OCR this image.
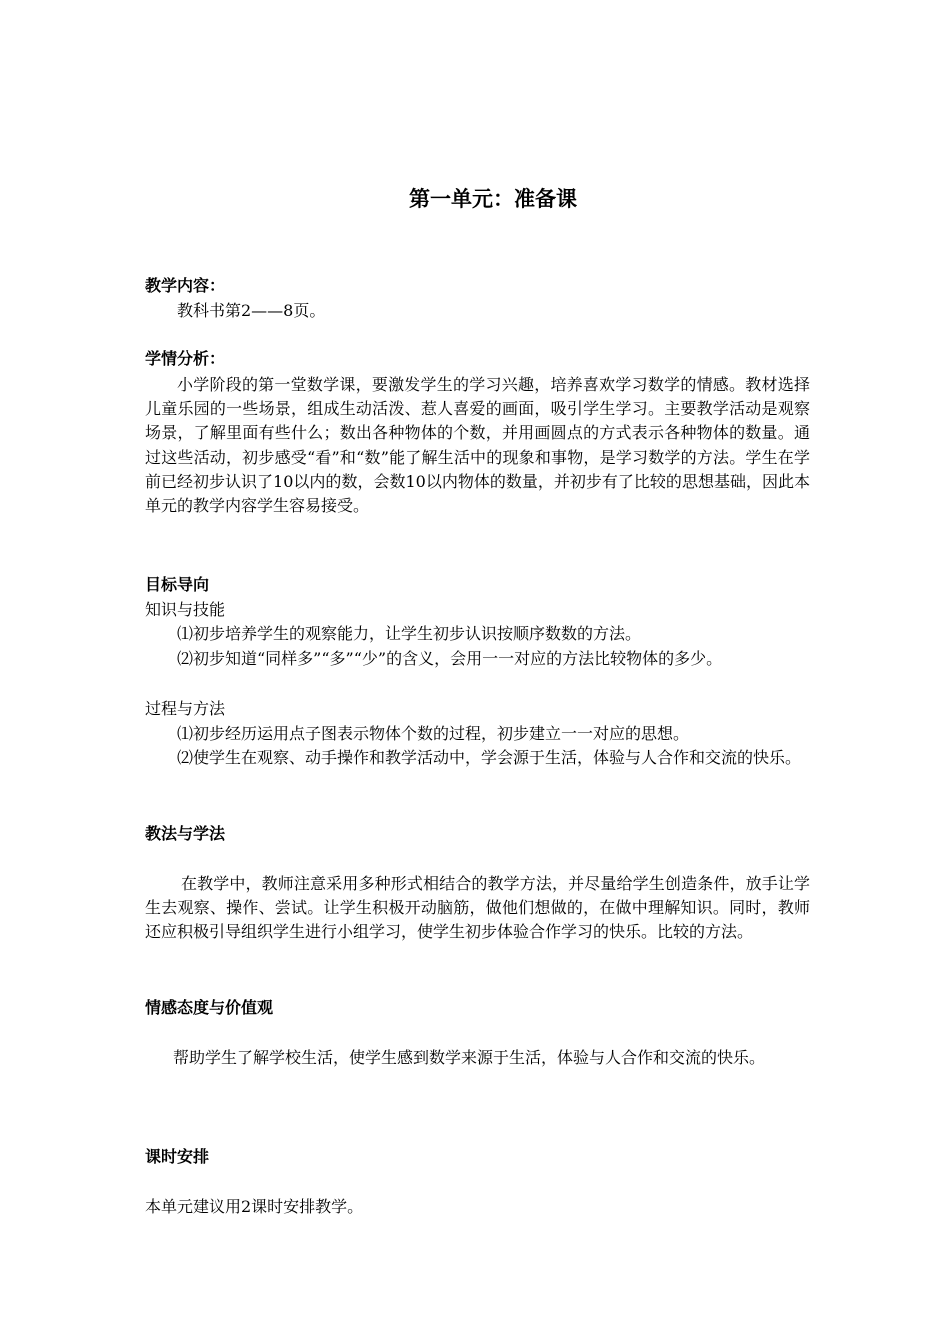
第一单元：准备课
教学内容：
教科书第2——8页。
学情分析：
小学阶段的第一堂数学课，要激发学生的学习兴趣，培养喜欢学习数学的情感。教材选择儿童乐园的一些场景，组成生动活泼、惹人喜爱的画面，吸引学生学习。主要教学活动是观察场景，了解里面有些什么；数出各种物体的个数，并用画圆点的方式表示各种物体的数量。通过这些活动，初步感受“看”和“数”能了解生活中的现象和事物，是学习数学的方法。学生在学前已经初步认识了10以内的数，会数10以内物体的数量，并初步有了比较的思想基础，因此本单元的教学内容学生容易接受。
目标导向
知识与技能
⑴初步培养学生的观察能力，让学生初步认识按顺序数数的方法。
⑵初步知道“同样多”“多”“少”的含义，会用一一对应的方法比较物体的多少。
过程与方法
⑴初步经历运用点子图表示物体个数的过程，初步建立一一对应的思想。
⑵使学生在观察、动手操作和教学活动中，学会源于生活，体验与人合作和交流的快乐。
教法与学法
在教学中，教师注意采用多种形式相结合的教学方法，并尽量给学生创造条件，放手让学生去观察、操作、尝试。让学生积极开动脑筋，做他们想做的，在做中理解知识。同时，教师还应积极引导组织学生进行小组学习，使学生初步体验合作学习的快乐。比较的方法。
情感态度与价值观
帮助学生了解学校生活，使学生感到数学来源于生活，体验与人合作和交流的快乐。
课时安排
本单元建议用2课时安排教学。
